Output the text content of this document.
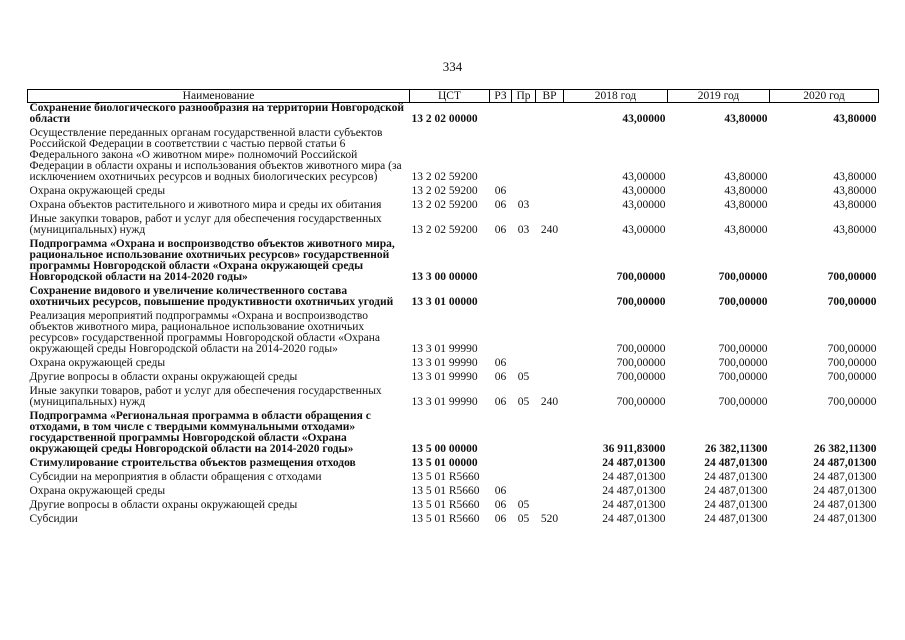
334
Наименование	ЦСТ	РЗ	Пр	ВР	2018 год	2019 год	2020 год
Сохранение биологического разнообразия на территории Новгородской области	13 2 02 00000				43,00000	43,80000	43,80000
Осуществление переданных органам государственной власти субъектов Российской Федерации в соответствии с частью первой статьи 6 Федерального закона «О животном мире» полномочий Российской Федерации в области охраны и использования объектов животного мира (за исключением охотничьих ресурсов и водных биологических ресурсов)	13 2 02 59200				43,00000	43,80000	43,80000
Охрана окружающей среды	13 2 02 59200	06			43,00000	43,80000	43,80000
Охрана объектов растительного и животного мира и среды их обитания	13 2 02 59200	06	03		43,00000	43,80000	43,80000
Иные закупки товаров, работ и услуг для обеспечения государственных (муниципальных) нужд	13 2 02 59200	06	03	240	43,00000	43,80000	43,80000
Подпрограмма «Охрана и воспроизводство объектов животного мира, рациональное использование охотничьих ресурсов» государственной программы Новгородской области «Охрана окружающей среды Новгородской области на 2014-2020 годы»	13 3 00 00000				700,00000	700,00000	700,00000
Сохранение видового и увеличение количественного состава охотничьих ресурсов, повышение продуктивности охотничьих угодий	13 3 01 00000				700,00000	700,00000	700,00000
Реализация мероприятий подпрограммы «Охрана и воспроизводство объектов животного мира, рациональное использование охотничьих ресурсов» государственной программы Новгородской области «Охрана окружающей среды Новгородской области на 2014-2020 годы»	13 3 01 99990				700,00000	700,00000	700,00000
Охрана окружающей среды	13 3 01 99990	06			700,00000	700,00000	700,00000
Другие вопросы в области охраны окружающей среды	13 3 01 99990	06	05		700,00000	700,00000	700,00000
Иные закупки товаров, работ и услуг для обеспечения государственных (муниципальных) нужд	13 3 01 99990	06	05	240	700,00000	700,00000	700,00000
Подпрограмма «Региональная программа в области обращения с отходами, в том числе с твердыми коммунальными отходами» государственной программы Новгородской области «Охрана окружающей среды Новгородской области на 2014-2020 годы»	13 5 00 00000				36 911,83000	26 382,11300	26 382,11300
Стимулирование строительства объектов размещения отходов	13 5 01 00000				24 487,01300	24 487,01300	24 487,01300
Субсидии на мероприятия в области обращения с отходами	13 5 01 R5660				24 487,01300	24 487,01300	24 487,01300
Охрана окружающей среды	13 5 01 R5660	06			24 487,01300	24 487,01300	24 487,01300
Другие вопросы в области охраны окружающей среды	13 5 01 R5660	06	05		24 487,01300	24 487,01300	24 487,01300
Субсидии	13 5 01 R5660	06	05	520	24 487,01300	24 487,01300	24 487,01300
